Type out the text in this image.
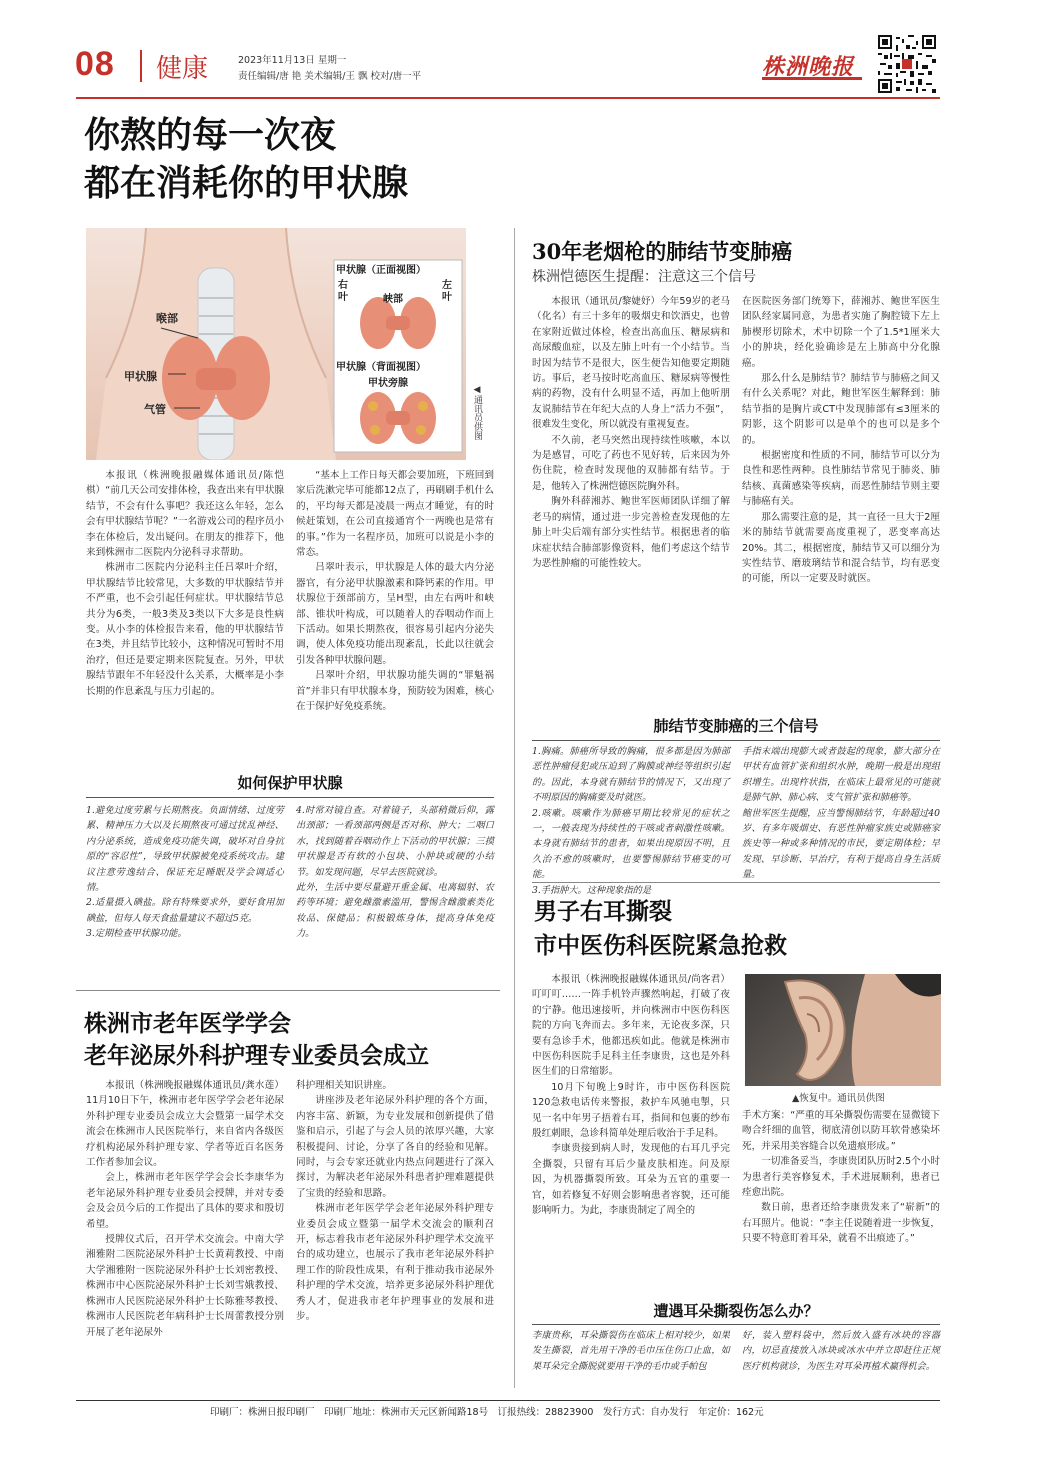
08 健康	2023年11月13日 星期一
责任编辑/唐 艳 美术编辑/王 飘 校对/唐一平	株洲晚报
你熬的每一次夜
都在消耗你的甲状腺
喉部
甲状腺
气管
甲状腺（正面视图）
右叶	峡部
左叶
甲状腺（背面视图）
甲状旁腺
◀通讯员供图

本报讯（株洲晚报融媒体通讯员/陈恺棋）“前几天公司安排体检，我查出来有甲状腺结节，不会有什么事吧？我还这么年轻，怎么会有甲状腺结节呢？”一名游戏公司的程序员小李在体检后，发出疑问。在朋友的推荐下，他来到株洲市二医院内分泌科寻求帮助。

株洲市二医院内分泌科主任吕翠叶介绍，甲状腺结节比较常见，大多数的甲状腺结节并不严重，也不会引起任何症状。甲状腺结节总共分为6类，一般3类及3类以下大多是良性病变。从小李的体检报告来看，他的甲状腺结节在3类，并且结节比较小，这种情况可暂时不用治疗，但还是要定期来医院复查。另外，甲状腺结节跟年不年轻没什么关系，大概率是小李长期的作息紊乱与压力引起的。

“基本上工作日每天都会要加班，下班回到家后洗漱完毕可能都12点了，再刷刷手机什么的，平均每天都是凌晨一两点才睡觉，有的时候赶策划，在公司直接通宵个一两晚也是常有的事。”作为一名程序员，加班可以说是小李的常态。

吕翠叶表示，甲状腺是人体的最大内分泌器官，有分泌甲状腺激素和降钙素的作用。甲状腺位于颈部前方，呈H型，由左右两叶和峡部、锥状叶构成，可以随着人的吞咽动作而上下活动。如果长期熬夜，很容易引起内分泌失调，使人体免疫功能出现紊乱，长此以往就会引发各种甲状腺问题。

吕翠叶介绍，甲状腺功能失调的“罪魁祸首”并非只有甲状腺本身，预防较为困难，核心在于保护好免疫系统。

如何保护甲状腺
1.避免过度劳累与长期熬夜。负面情绪、过度劳累、精神压力大以及长期熬夜可通过扰乱神经、内分泌系统，造成免疫功能失调，破坏对自身抗原的“容忍性”，导致甲状腺被免疫系统攻击。建议注意劳逸结合、保证充足睡眠及学会调适心情。
2.适量摄入碘盐。除有特殊要求外，要好食用加碘盐，但每人每天食盐量建议不超过5克。
3.定期检查甲状腺功能。
4.时常对镜自查。对着镜子，头部稍微后仰，露出颈部；一看颈部两侧是否对称、肿大；二咽口水，找到随着吞咽动作上下活动的甲状腺；三摸甲状腺是否有软的小包块、小肿块或硬的小结节。如发现问题，尽早去医院就诊。
此外，生活中要尽量避开重金属、电离辐射、农药等环境；避免雌激素滥用，警惕含雌激素类化妆品、保健品；积极锻炼身体，提高身体免疫力。
株洲市老年医学学会
老年泌尿外科护理专业委员会成立

本报讯（株洲晚报融媒体通讯员/龚水莲）11月10日下午，株洲市老年医学学会老年泌尿外科护理专业委员会成立大会暨第一届学术交流会在株洲市人民医院举行，来自省内各级医疗机构泌尿外科护理专家、学者等近百名医务工作者参加会议。

会上，株洲市老年医学学会会长李康华为老年泌尿外科护理专业委员会授牌，并对专委会及会员今后的工作提出了具体的要求和殷切希望。

授牌仪式后，召开学术交流会。中南大学湘雅附二医院泌尿外科护士长黄莉教授、中南大学湘雅附一医院泌尿外科护士长刘密教授、株洲市中心医院泌尿外科护士长刘雪娥教授、株洲市人民医院泌尿外科护士长陈雅琴教授、株洲市人民医院老年病科护士长周蕾教授分别开展了老年泌尿外

科护理相关知识讲座。

讲座涉及老年泌尿外科护理的各个方面，内容丰富、新颖，为专业发展和创新提供了借鉴和启示，引起了与会人员的浓厚兴趣，大家积极提问、讨论，分享了各自的经验和见解。同时，与会专家还就业内热点问题进行了深入探讨，为解决老年泌尿外科患者护理难题提供了宝贵的经验和思路。

株洲市老年医学学会老年泌尿外科护理专业委员会成立暨第一届学术交流会的顺利召开，标志着我市老年泌尿外科护理学术交流平台的成功建立，也展示了我市老年泌尿外科护理工作的阶段性成果，有利于推动我市泌尿外科护理的学术交流，培养更多泌尿外科护理优秀人才，促进我市老年护理事业的发展和进步。

30年老烟枪的肺结节变肺癌
株洲恺德医生提醒：注意这三个信号

本报讯（通讯员/黎婕妤）今年59岁的老马（化名）有三十多年的吸烟史和饮酒史，也曾在家附近做过体检，检查出高血压、糖尿病和高尿酸血症，以及左肺上叶有一个小结节。当时因为结节不是很大，医生便告知他要定期随访。事后，老马按时吃高血压、糖尿病等慢性病的药物，没有什么明显不适，再加上他听朋友说肺结节在年纪大点的人身上“活力不强”，很难发生变化，所以就没有重视复查。

不久前，老马突然出现持续性咳嗽，本以为是感冒，可吃了药也不见好转，后来因为外伤住院，检查时发现他的双肺都有结节。于是，他转入了株洲恺德医院胸外科。

胸外科薛湘苏、鲍世军医师团队详细了解老马的病情，通过进一步完善检查发现他的左肺上叶尖后端有部分实性结节。根据患者的临床症状结合肺部影像资料，他们考虑这个结节为恶性肿瘤的可能性较大。

在医院医务部门统筹下，薛湘苏、鲍世军医生团队经家属同意，为患者实施了胸腔镜下左上肺楔形切除术，术中切除一个了1.5*1厘米大小的肿块，经化验确诊是左上肺高中分化腺癌。

那么什么是肺结节？肺结节与肺癌之间又有什么关系呢？对此，鲍世军医生解释到：肺结节指的是胸片或CT中发现肺部有≤3厘米的阴影，这个阴影可以是单个的也可以是多个的。

根据密度和性质的不同，肺结节可以分为良性和恶性两种。良性肺结节常见于肺炎、肺结核、真菌感染等疾病，而恶性肺结节则主要与肺癌有关。

那么需要注意的是，其一直径一旦大于2厘米的肺结节就需要高度重视了，恶变率高达20%。其二，根据密度，肺结节又可以细分为实性结节、磨玻璃结节和混合结节，均有恶变的可能，所以一定要及时就医。

肺结节变肺癌的三个信号
1.胸痛。肺癌所导致的胸痛，很多都是因为肺部恶性肿瘤侵犯或压迫到了胸膜或神经等组织引起的。因此，本身就有肺结节的情况下，又出现了不明原因的胸痛要及时就医。
2.咳嗽。咳嗽作为肺癌早期比较常见的症状之一，一般表现为持续性的干咳或者刺激性咳嗽。本身就有肺结节的患者，如果出现原因不明，且久治不愈的咳嗽时，也要警惕肺结节癌变的可能。
3.手指肿大。这种现象指的是
手指末端出现膨大或者鼓起的现象，膨大部分在甲状有血管扩张和组织水肿，晚期一般是出现组织增生。出现杵状指，在临床上最常见的可能就是肺气肿、肺心病、支气管扩张和肺癌等。
鲍世军医生提醒，应当警惕肺结节，年龄超过40岁、有多年吸烟史、有恶性肿瘤家族史或肺癌家族史等一种或多种情况的市民，要定期体检；早发现、早诊断、早治疗，有利于提高自身生活质量。
男子右耳撕裂
市中医伤科医院紧急抢救
▲恢复中。通讯员供图

本报讯（株洲晚报融媒体通讯员/尚客君）叮叮叮……一阵手机铃声骤然响起，打破了夜的宁静。他迅速接听，并向株洲市中医伤科医院的方向飞奔而去。多年来，无论夜多深，只要有急诊手术，他都迅疾如此。他就是株洲市中医伤科医院手足科主任李康贵，这也是外科医生们的日常缩影。

10月下旬晚上9时许，市中医伤科医院120急救电话传来警报，救护车风驰电掣，只见一名中年男子捂着右耳，指间和包裹的纱布殷红刺眼，急诊科简单处理后收治于手足科。

李康贵接到病人时，发现他的右耳几乎完全撕裂，只留有耳后少量皮肤相连。问及原因，为机器撕裂所致。耳朵为五官的重要一官，如若修复不好则会影响患者容貌，还可能影响听力。为此，李康贵制定了周全的

手术方案：“严重的耳朵撕裂伤需要在显微镜下吻合纤细的血管，彻底清创以防耳软骨感染坏死，并采用美容缝合以免遗痕形成。”

一切准备妥当，李康贵团队历时2.5个小时为患者行美容修复术，手术进展顺利，患者已痊愈出院。

数日前，患者还给李康贵发来了“崭新”的右耳照片。他说：“李主任说随着进一步恢复，只要不特意盯着耳朵，就看不出痕迹了。”

遭遇耳朵撕裂伤怎么办？
李康贵称，耳朵撕裂伤在临床上相对较少，如果发生撕裂，首先用干净的毛巾压住伤口止血，如果耳朵完全撕脱就要用干净的毛巾或手帕包
好，装入塑料袋中，然后放入盛有冰块的容器内，切忌直接放入冰块或冰水中并立即赶往正规医疗机构就诊，为医生对耳朵再植术赢得机会。
印刷厂：株洲日报印刷厂　印刷厂地址：株洲市天元区新闻路18号　订报热线：28823900　发行方式：自办发行　年定价：162元
